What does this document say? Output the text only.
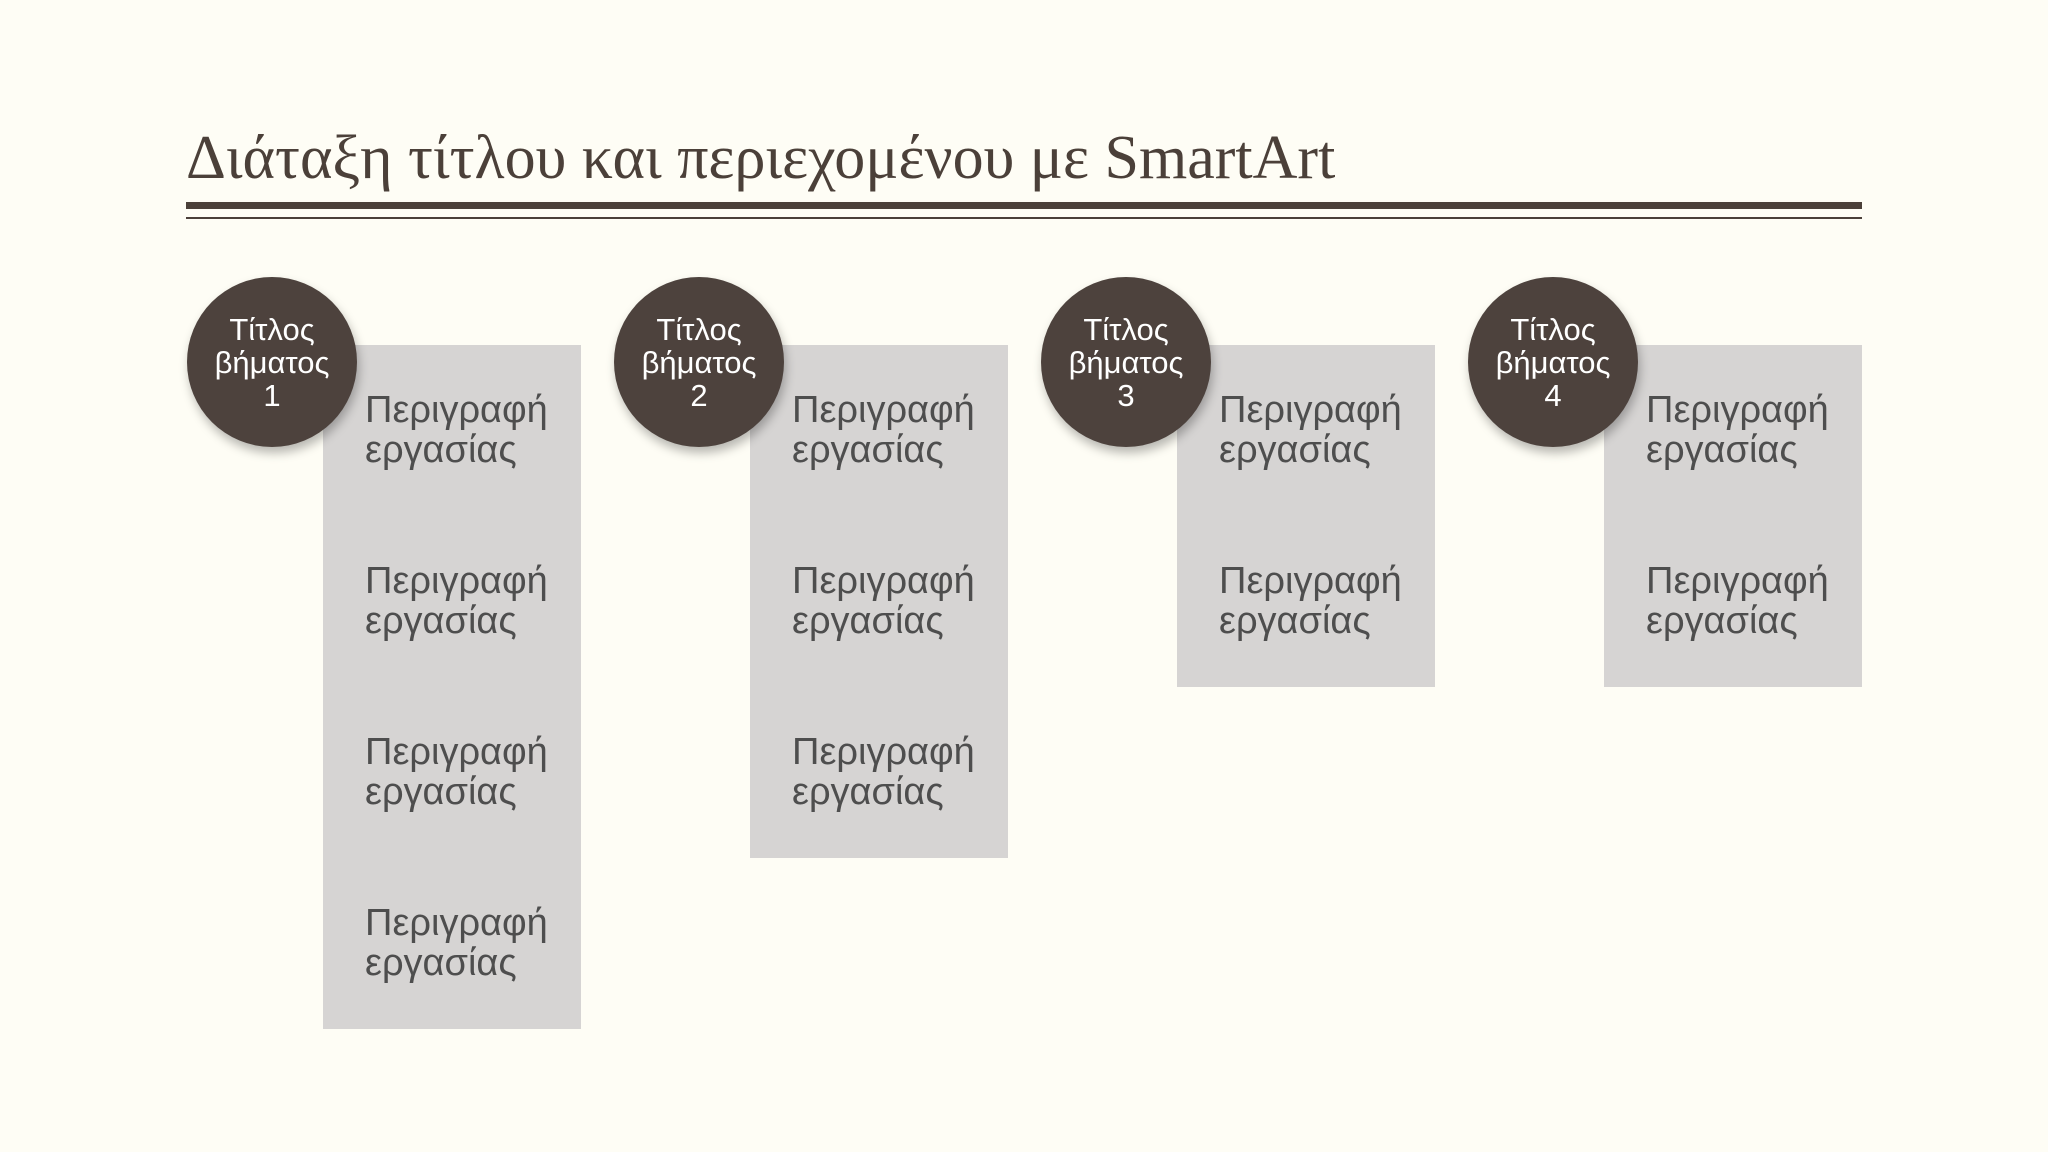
Διάταξη τίτλου και περιεχομένου με SmartArt
Περιγραφή
εργασίας
Περιγραφή
εργασίας
Περιγραφή
εργασίας
Περιγραφή
εργασίας
Τίτλος
βήματος
1	Περιγραφή
εργασίας
Περιγραφή
εργασίας
Περιγραφή
εργασίας
Τίτλος
βήματος
2	Περιγραφή
εργασίας
Περιγραφή
εργασίας
Τίτλος
βήματος
3	Περιγραφή
εργασίας
Περιγραφή
εργασίας
Τίτλος
βήματος
4
